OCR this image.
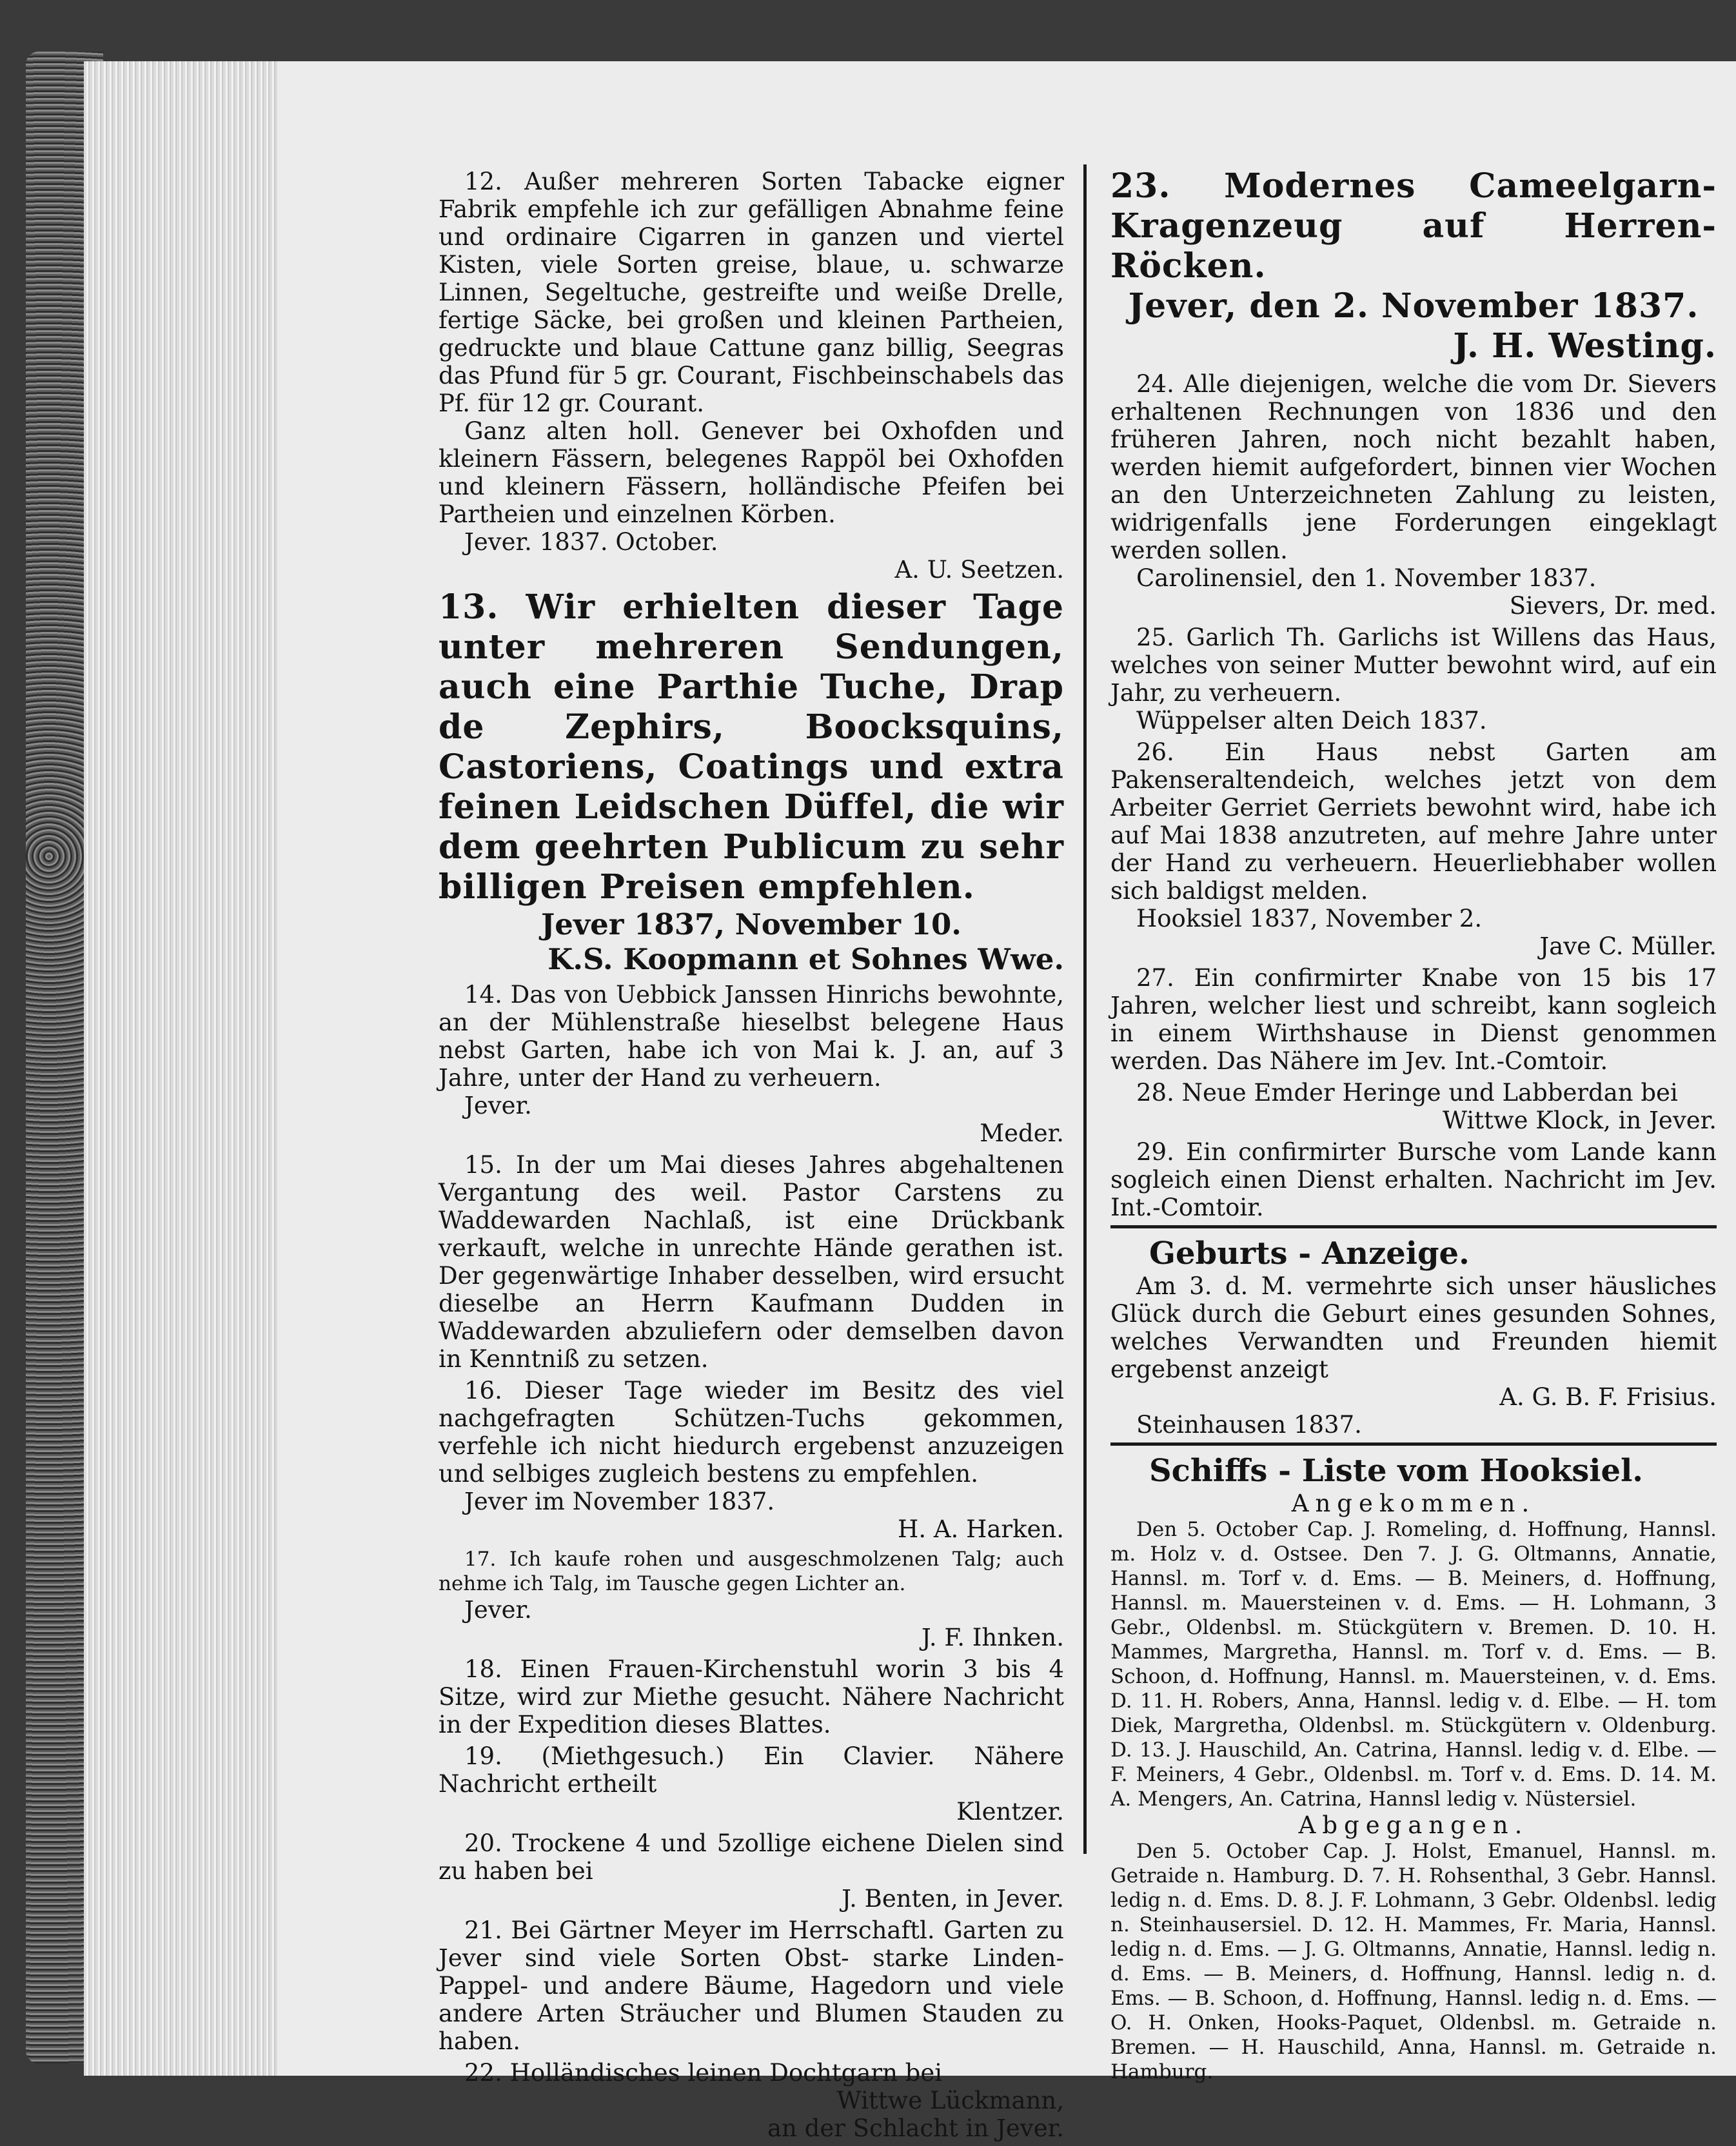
12. Außer mehreren Sorten Tabacke eigner Fabrik empfehle ich zur gefälligen Abnahme feine und ordinaire Cigarren in ganzen und viertel Kisten, viele Sorten greise, blaue, u. schwarze Linnen, Segeltuche, gestreifte und weiße Drelle, fertige Säcke, bei großen und kleinen Partheien, gedruckte und blaue Cattune ganz billig, Seegras das Pfund für 5 gr. Courant, Fischbeinschabels das Pf. für 12 gr. Courant.

Ganz alten holl. Genever bei Oxhofden und kleinern Fässern, belegenes Rappöl bei Oxhofden und kleinern Fässern, holländische Pfeifen bei Partheien und einzelnen Körben.

Jever. 1837. October.

A. U. Seetzen.

13. Wir erhielten dieser Tage unter mehreren Sendungen, auch eine Parthie Tuche, Drap de Zephirs, Boocksquins, Castoriens, Coatings und extra feinen Leidschen Düffel, die wir dem geehrten Publicum zu sehr billigen Preisen empfehlen.

Jever 1837, November 10.

K.S. Koopmann et Sohnes Wwe.

14. Das von Uebbick Janssen Hinrichs bewohnte, an der Mühlenstraße hieselbst belegene Haus nebst Garten, habe ich von Mai k. J. an, auf 3 Jahre, unter der Hand zu verheuern.

Jever.

Meder.

15. In der um Mai dieses Jahres abgehaltenen Vergantung des weil. Pastor Carstens zu Waddewarden Nachlaß, ist eine Drückbank verkauft, welche in unrechte Hände gerathen ist. Der gegenwärtige Inhaber desselben, wird ersucht dieselbe an Herrn Kaufmann Dudden in Waddewarden abzuliefern oder demselben davon in Kenntniß zu setzen.

16. Dieser Tage wieder im Besitz des viel nachgefragten Schützen-Tuchs gekommen, verfehle ich nicht hiedurch ergebenst anzuzeigen und selbiges zugleich bestens zu empfehlen.

Jever im November 1837.

H. A. Harken.

17. Ich kaufe rohen und ausgeschmolzenen Talg; auch nehme ich Talg, im Tausche gegen Lichter an.

Jever.

J. F. Ihnken.

18. Einen Frauen-Kirchenstuhl worin 3 bis 4 Sitze, wird zur Miethe gesucht. Nähere Nachricht in der Expedition dieses Blattes.

19. (Miethgesuch.) Ein Clavier. Nähere Nachricht ertheilt

Klentzer.

20. Trockene 4 und 5zollige eichene Dielen sind zu haben bei

J. Benten, in Jever.

21. Bei Gärtner Meyer im Herrschaftl. Garten zu Jever sind viele Sorten Obst- starke Linden- Pappel- und andere Bäume, Hagedorn und viele andere Arten Sträucher und Blumen Stauden zu haben.

22. Holländisches leinen Dochtgarn bei

Wittwe Lückmann,

an der Schlacht in Jever.

23. Modernes Cameelgarn-Kragenzeug auf Herren-Röcken.

Jever, den 2. November 1837.

J. H. Westing.

24. Alle diejenigen, welche die vom Dr. Sievers erhaltenen Rechnungen von 1836 und den früheren Jahren, noch nicht bezahlt haben, werden hiemit aufgefordert, binnen vier Wochen an den Unterzeichneten Zahlung zu leisten, widrigenfalls jene Forderungen eingeklagt werden sollen.

Carolinensiel, den 1. November 1837.

Sievers, Dr. med.

25. Garlich Th. Garlichs ist Willens das Haus, welches von seiner Mutter bewohnt wird, auf ein Jahr, zu verheuern.

Wüppelser alten Deich 1837.

26. Ein Haus nebst Garten am Pakenseraltendeich, welches jetzt von dem Arbeiter Gerriet Gerriets bewohnt wird, habe ich auf Mai 1838 anzutreten, auf mehre Jahre unter der Hand zu verheuern. Heuerliebhaber wollen sich baldigst melden.

Hooksiel 1837, November 2.

Jave C. Müller.

27. Ein confirmirter Knabe von 15 bis 17 Jahren, welcher liest und schreibt, kann sogleich in einem Wirthshause in Dienst genommen werden. Das Nähere im Jev. Int.-Comtoir.

28. Neue Emder Heringe und Labberdan bei

Wittwe Klock, in Jever.

29. Ein confirmirter Bursche vom Lande kann sogleich einen Dienst erhalten. Nachricht im Jev. Int.-Comtoir.

Geburts - Anzeige.

Am 3. d. M. vermehrte sich unser häusliches Glück durch die Geburt eines gesunden Sohnes, welches Verwandten und Freunden hiemit ergebenst anzeigt

A. G. B. F. Frisius.

Steinhausen 1837.

Schiffs - Liste vom Hooksiel.

Angekommen.

Den 5. October Cap. J. Romeling, d. Hoffnung, Hannsl. m. Holz v. d. Ostsee. Den 7. J. G. Oltmanns, Annatie, Hannsl. m. Torf v. d. Ems. — B. Meiners, d. Hoffnung, Hannsl. m. Mauersteinen v. d. Ems. — H. Lohmann, 3 Gebr., Oldenbsl. m. Stückgütern v. Bremen. D. 10. H. Mammes, Margretha, Hannsl. m. Torf v. d. Ems. — B. Schoon, d. Hoffnung, Hannsl. m. Mauersteinen, v. d. Ems. D. 11. H. Robers, Anna, Hannsl. ledig v. d. Elbe. — H. tom Diek, Margretha, Oldenbsl. m. Stückgütern v. Oldenburg. D. 13. J. Hauschild, An. Catrina, Hannsl. ledig v. d. Elbe. — F. Meiners, 4 Gebr., Oldenbsl. m. Torf v. d. Ems. D. 14. M. A. Mengers, An. Catrina, Hannsl ledig v. Nüstersiel.

Abgegangen.

Den 5. October Cap. J. Holst, Emanuel, Hannsl. m. Getraide n. Hamburg. D. 7. H. Rohsenthal, 3 Gebr. Hannsl. ledig n. d. Ems. D. 8. J. F. Lohmann, 3 Gebr. Oldenbsl. ledig n. Steinhausersiel. D. 12. H. Mammes, Fr. Maria, Hannsl. ledig n. d. Ems. — J. G. Oltmanns, Annatie, Hannsl. ledig n. d. Ems. — B. Meiners, d. Hoffnung, Hannsl. ledig n. d. Ems. — B. Schoon, d. Hoffnung, Hannsl. ledig n. d. Ems. — O. H. Onken, Hooks-Paquet, Oldenbsl. m. Getraide n. Bremen. — H. Hauschild, Anna, Hannsl. m. Getraide n. Hamburg.
